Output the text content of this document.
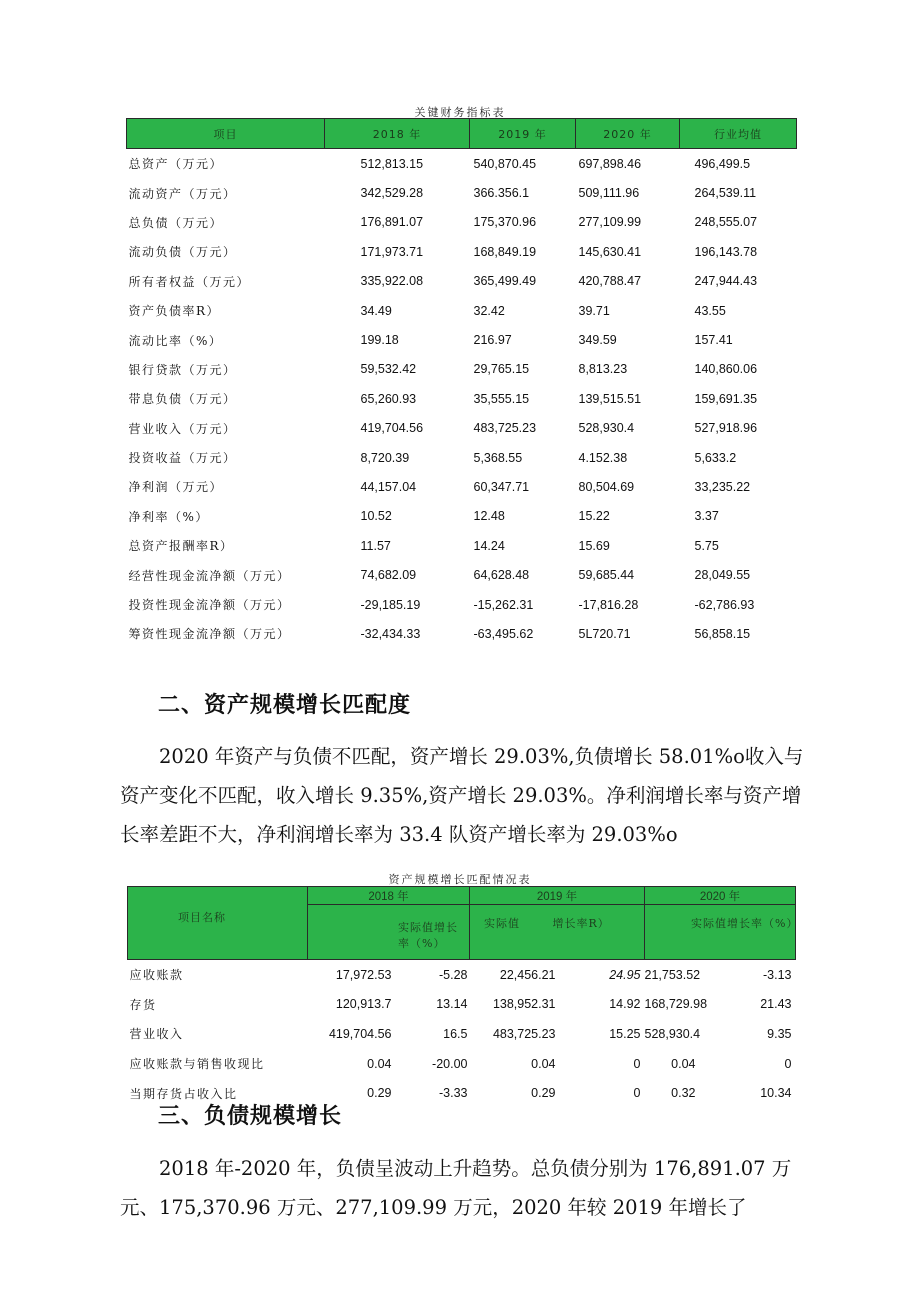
关键财务指标表
项目	2018 年	2019 年	2020 年	行业均值
总资产（万元）	512,813.15	540,870.45	697,898.46	496,499.5
流动资产（万元）	342,529.28	366.356.1	509,111.96	264,539.11
总负债（万元）	176,891.07	175,370.96	277,109.99	248,555.07
流动负债（万元）	171,973.71	168,849.19	145,630.41	196,143.78
所有者权益（万元）	335,922.08	365,499.49	420,788.47	247,944.43
资产负债率R）	34.49	32.42	39.71	43.55
流动比率（%）	199.18	216.97	349.59	157.41
银行贷款（万元）	59,532.42	29,765.15	8,813.23	140,860.06
带息负债（万元）	65,260.93	35,555.15	139,515.51	159,691.35
营业收入（万元）	419,704.56	483,725.23	528,930.4	527,918.96
投资收益（万元）	8,720.39	5,368.55	4.152.38	5,633.2
净利润（万元）	44,157.04	60,347.71	80,504.69	33,235.22
净利率（%）	10.52	12.48	15.22	3.37
总资产报酬率R）	11.57	14.24	15.69	5.75
经营性现金流净额（万元）	74,682.09	64,628.48	59,685.44	28,049.55
投资性现金流净额（万元）	-29,185.19	-15,262.31	-17,816.28	-62,786.93
筹资性现金流净额（万元）	-32,434.33	-63,495.62	5L720.71	56,858.15
二、资产规模增长匹配度

2020 年资产与负债不匹配，资产增长 29.03%,负债增长 58.01%o收入与资产变化不匹配，收入增长 9.35%,资产增长 29.03%。净利润增长率与资产增长率差距不大，净利润增长率为 33.4 队资产增长率为 29.03%o

资产规模增长匹配情况表
项目名称	2018 年		2019 年		2020 年	
	实际值增长率（%）		实际值 增长率R）		实际值增长率（%）	
应收账款	17,972.53	-5.28	22,456.21	24.95	21,753.52	-3.13
存货	120,913.7	13.14	138,952.31	14.92	168,729.98	21.43
营业收入	419,704.56	16.5	483,725.23	15.25	528,930.4	9.35
应收账款与销售收现比	0.04	-20.00	0.04	0	0.04	0
当期存货占收入比	0.29	-3.33	0.29	0	0.32	10.34
三、负债规模增长

2018 年-2020 年，负债呈波动上升趋势。总负债分别为 176,891.07 万元、175,370.96 万元、277,109.99 万元，2020 年较 2019 年增长了
